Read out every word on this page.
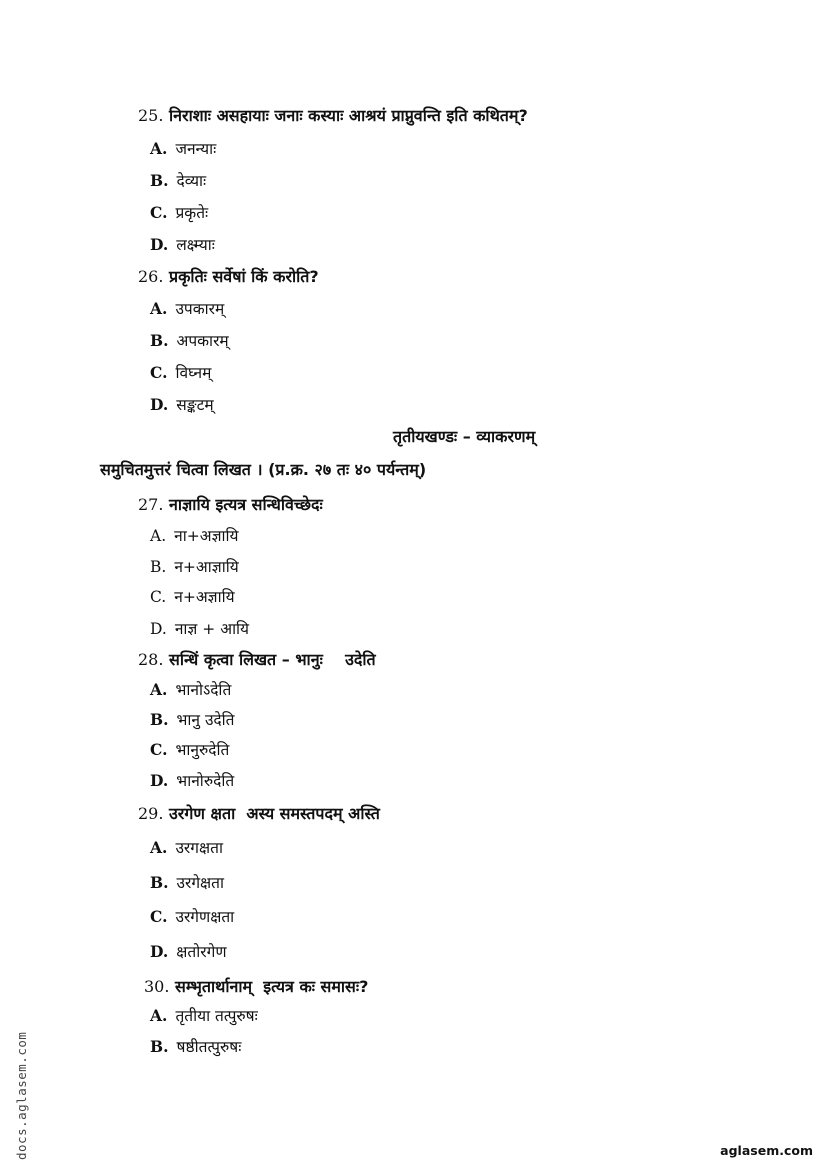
25. निराशाः असहायाः जनाः कस्याः आश्रयं प्राप्नुवन्ति इति कथितम्?
A. जनन्याः
B. देव्याः
C. प्रकृतेः
D. लक्ष्म्याः
26. प्रकृतिः सर्वेषां किं करोति?
A. उपकारम्
B. अपकारम्
C. विघ्नम्
D. सङ्कटम्
तृतीयखण्डः – व्याकरणम्
समुचितमुत्तरं चित्वा लिखत । (प्र.क्र. २७ तः ४० पर्यन्तम्)
27. नाज्ञायि इत्यत्र सन्धिविच्छेदः
A. ना+अज्ञायि
B. न+आज्ञायि
C. न+अज्ञायि
D. नाज्ञ + आयि
28. सन्धिं कृत्वा लिखत – भानुः    उदेति
A. भानोऽदेति
B. भानु उदेति
C. भानुरुदेति
D. भानोरुदेति
29. उरगेण क्षता  अस्य समस्तपदम् अस्ति
A. उरगक्षता
B. उरगेक्षता
C. उरगेणक्षता
D. क्षतोरगेण
30. सम्भृतार्थानाम्  इत्यत्र कः समासः?
A. तृतीया तत्पुरुषः
B. षष्ठीतत्पुरुषः
docs.aglasem.com	aglasem.com
